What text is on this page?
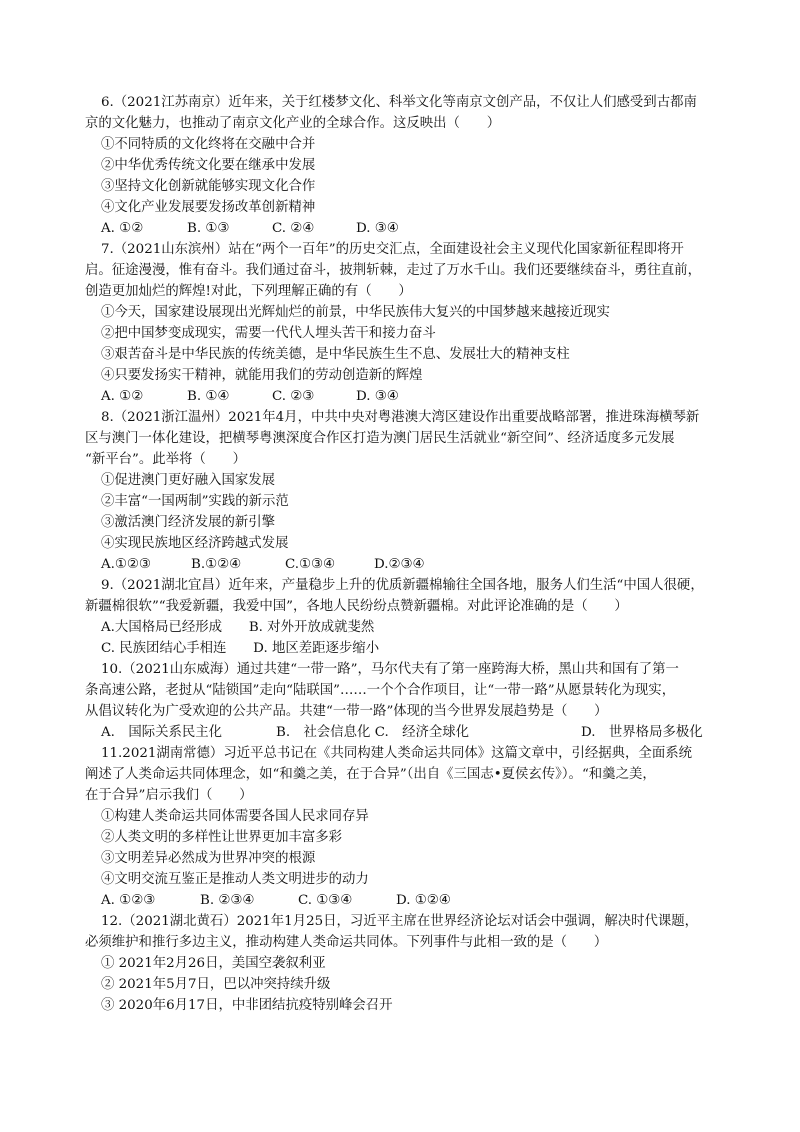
6.（2021江苏南京）近年来，关于红楼梦文化、科举文化等南京文创产品，不仅让人们感受到古都南
京的文化魅力，也推动了南京文化产业的全球合作。这反映出（　　）
①不同特质的文化终将在交融中合并
②中华优秀传统文化要在继承中发展
③坚持文化创新就能够实现文化合作
④文化产业发展要发扬改革创新精神
A. ①②	B. ①③	C. ②④	D. ③④
7.（2021山东滨州）站在“两个一百年”的历史交汇点，全面建设社会主义现代化国家新征程即将开
启。征途漫漫，惟有奋斗。我们通过奋斗，披荆斩棘，走过了万水千山。我们还要继续奋斗，勇往直前，
创造更加灿烂的辉煌!对此，下列理解正确的有（　　）
①今天，国家建设展现出光辉灿烂的前景，中华民族伟大复兴的中国梦越来越接近现实
②把中国梦变成现实，需要一代代人埋头苦干和接力奋斗
③艰苦奋斗是中华民族的传统美德，是中华民族生生不息、发展壮大的精神支柱
④只要发扬实干精神，就能用我们的劳动创造新的辉煌
A. ①②	B. ①④	C. ②③	D. ③④
8.（2021浙江温州）2021年4月，中共中央对粤港澳大湾区建设作出重要战略部署，推进珠海横琴新
区与澳门一体化建设，把横琴粤澳深度合作区打造为澳门居民生活就业“新空间”、经济适度多元发展
“新平台”。此举将（　　）
①促进澳门更好融入国家发展
②丰富“一国两制”实践的新示范
③激活澳门经济发展的新引擎
④实现民族地区经济跨越式发展
A.①②③	B.①②④	C.①③④	D.②③④
9.（2021湖北宜昌）近年来，产量稳步上升的优质新疆棉输往全国各地，服务人们生活“中国人很硬，
新疆棉很软”“我爱新疆，我爱中国”，各地人民纷纷点赞新疆棉。对此评论准确的是（　　）
A.大国格局已经形成　　B. 对外开放成就斐然
C. 民族团结心手相连　　D. 地区差距逐步缩小
10.（2021山东威海）通过共建“一带一路”，马尔代夫有了第一座跨海大桥，黑山共和国有了第一
条高速公路，老挝从“陆锁国”走向“陆联国”……一个个合作项目，让“一带一路”从愿景转化为现实，
从倡议转化为广受欢迎的公共产品。共建“一带一路”体现的当今世界发展趋势是（　　）
A.　国际关系民主化	B.　社会信息化 C.　经济全球化	D.　世界格局多极化
11.2021湖南常德）习近平总书记在《共同构建人类命运共同体》这篇文章中，引经据典，全面系统
阐述了人类命运共同体理念，如“和羹之美，在于合异”（出自《三国志•夏侯玄传》）。“和羹之美，
在于合异”启示我们（　　）
①构建人类命运共同体需要各国人民求同存异
②人类文明的多样性让世界更加丰富多彩
③文明差异必然成为世界冲突的根源
④文明交流互鉴正是推动人类文明进步的动力
A. ①②③	B. ②③④	C. ①③④	D. ①②④
12.（2021湖北黄石）2021年1月25日，习近平主席在世界经济论坛对话会中强调，解决时代课题，
必须维护和推行多边主义，推动构建人类命运共同体。下列事件与此相一致的是（　　）
① 2021年2月26日，美国空袭叙利亚
② 2021年5月7日，巴以冲突持续升级
③ 2020年6月17日，中非团结抗疫特别峰会召开
